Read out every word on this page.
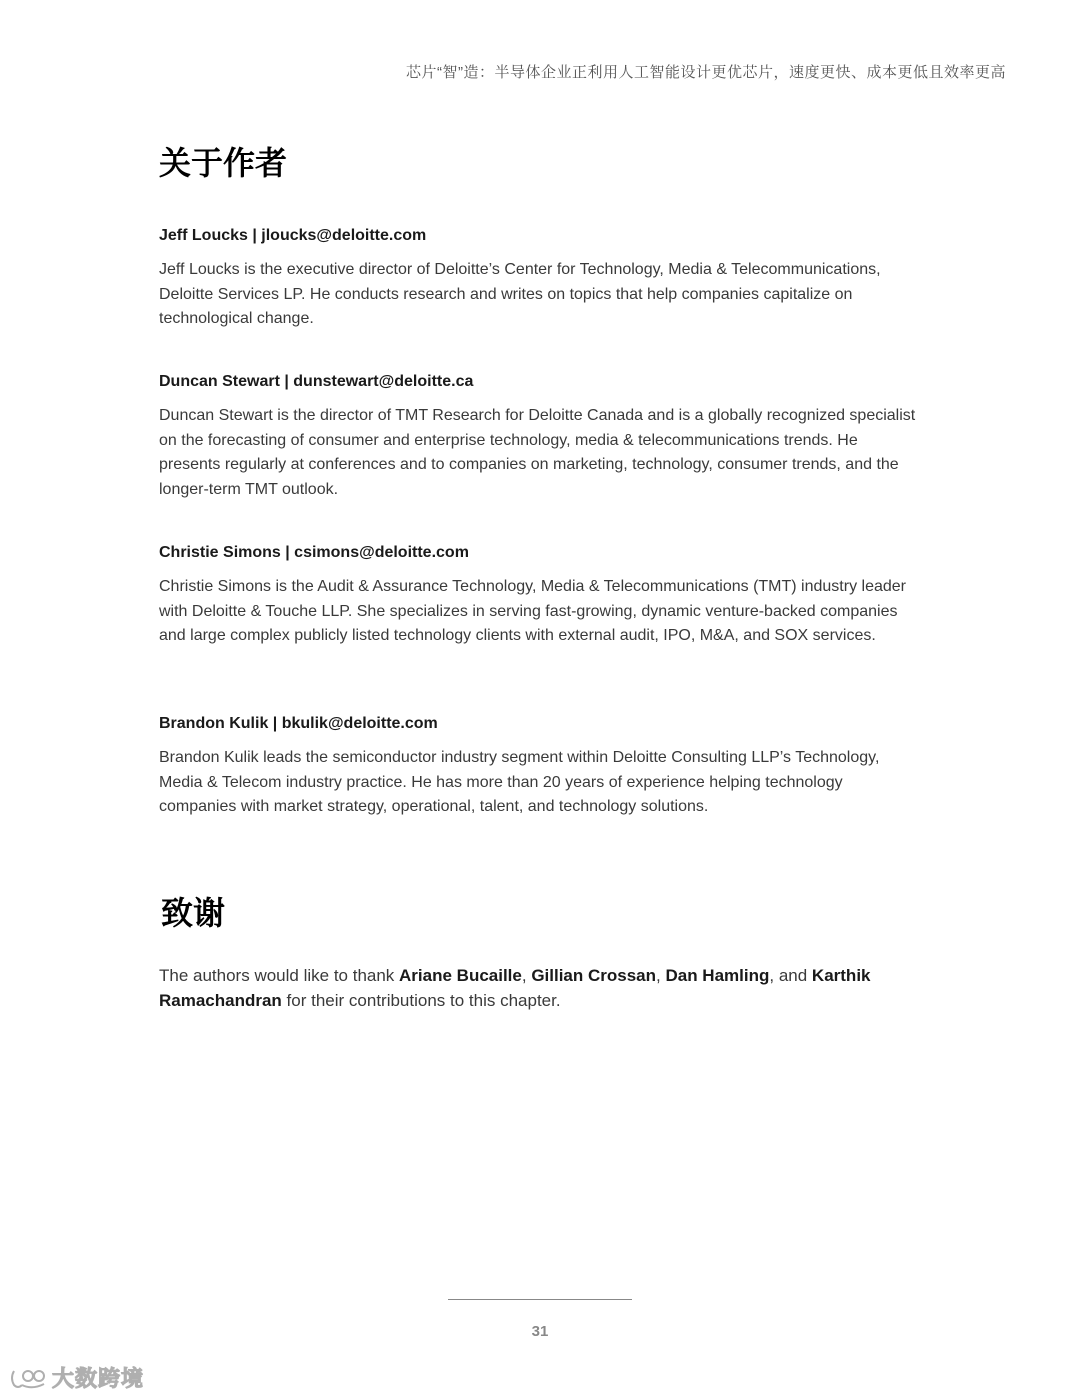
芯片“智”造：半导体企业正利用人工智能设计更优芯片，速度更快、成本更低且效率更高
关于作者

Jeff Loucks | jloucks@deloitte.com

Jeff Loucks is the executive director of Deloitte’s Center for Technology, Media & Telecommunications, Deloitte Services LP. He conducts research and writes on topics that help companies capitalize on technological change.

Duncan Stewart | dunstewart@deloitte.ca

Duncan Stewart is the director of TMT Research for Deloitte Canada and is a globally recognized specialist on the forecasting of consumer and enterprise technology, media & telecommunications trends. He presents regularly at conferences and to companies on marketing, technology, consumer trends, and the longer-term TMT outlook.

Christie Simons | csimons@deloitte.com

Christie Simons is the Audit & Assurance Technology, Media & Telecommunications (TMT) industry leader with Deloitte & Touche LLP. She specializes in serving fast-growing, dynamic venture-backed companies and large complex publicly listed technology clients with external audit, IPO, M&A, and SOX services.

Brandon Kulik | bkulik@deloitte.com

Brandon Kulik leads the semiconductor industry segment within Deloitte Consulting LLP’s Technology, Media & Telecom industry practice. He has more than 20 years of experience helping technology companies with market strategy, operational, talent, and technology solutions.

致谢

The authors would like to thank Ariane Bucaille, Gillian Crossan, Dan Hamling, and Karthik Ramachandran for their contributions to this chapter.

31
大数跨境
